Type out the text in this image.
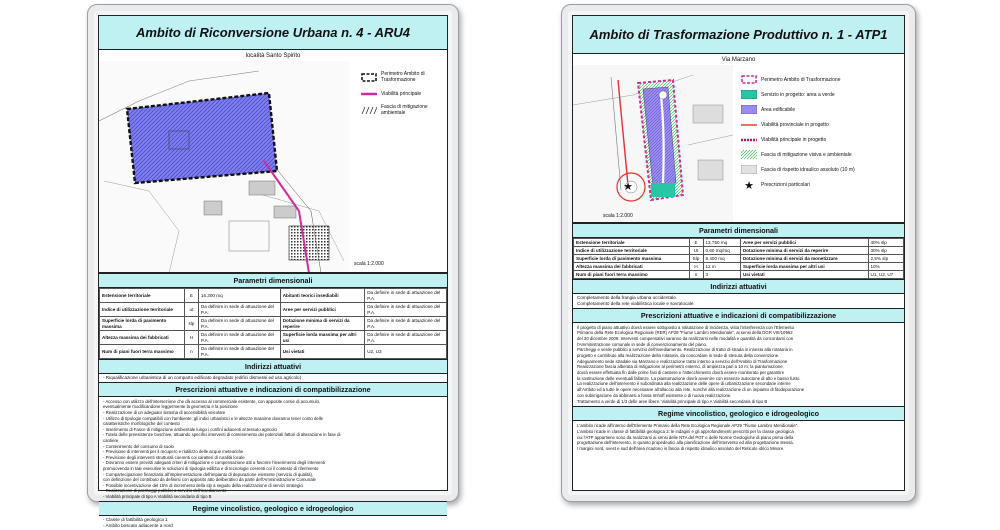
Ambito di Riconversione Urbana n. 4 - ARU4
località Santo Spirito
Perimetro Ambito di Trasformazione
Viabilità principale
Fascia di mitigazione ambientale
scala 1:2.000
Parametri dimensionali
Estensione territoriale	E	16.300 mq	Abitanti teorici insediabili	Da definire in sede di attuazione del P.A.
Indice di utilizzazione territoriale	ut	Da definire in sede di attuazione del P.A.	Aree per servizi pubblici	Da definire in sede di attuazione del P.A.
Superficie lorda di pavimento massima	slp	Da definire in sede di attuazione del P.A.	Dotazione minima di servizi da reperire	Da definire in sede di attuazione del P.A.
Altezza massima dei fabbricati	H	Da definire in sede di attuazione del P.A.	Superficie lorda massima per altri usi	Da definire in sede di attuazione del P.A.
Num di piani fuori terra massimo	n	Da definire in sede di attuazione del P.A.	Usi vietati	U2, U3
Indirizzi attuativi
- Riqualificazione urbanistica di un comparto edificato degradato (edifici dismessi ed uso agricolo)
Prescrizioni attuative e indicazioni di compatibilizzazione
- Accesso con utilizzo dell'intersezione che dà accesso al commerciale esistente, con apposite corsie di accumulo,
eventualmente modificandone leggermente la geometria e la posizione
- Realizzazione di un adeguato sistema di accessibilità veicolare
- Utilizzo di tipologie compatibili con l'ambiente; gli indici urbanistici e le altezze massime dovranno tener conto delle
caratteristiche morfologiche del contesto
- Inserimento di Fasce di mitigazione ambientale lungo i confini adiacenti al tessuto agricolo
- Tutela delle preesistenze boschive, attuando specifici interventi di contenimento dei potenziali fattori di alterazione in fase di
cantiere
- Contenimento del consumo di suolo
- Previsione di interventi per il recupero e riutilizzo delle acque meteoriche
- Previsione degli interventi strutturali coerenti coi caratteri di ruralità locale
- Dovranno essere previsti adeguati criteri di mitigazione e compensazione atti a favorire l'inserimento degli interventi
promuovendo in tale esecutive le soluzioni di tipologia edilizia e di tecnologie coerenti coi il contesto di riferimento
- Compartecipazione finanziaria all'implementazione dell'impianto di depurazione esistente (servizio di qualità),
con definizione del contributo da definirsi con apposito atto deliberativo da parte dell'Amministrazione Comunale
- Possibile incentivazione del 15% di incremento della slp a seguito della realizzazione di servizi strategici
- Realizzazione di parcheggi pubblici a servizio dell'insediamento
- Viabilità principale di tipo A Viabilità secondaria di tipo B
Regime vincolistico, geologico e idrogeologico
- Classe di fattibilità geologica 1
- Ambito boscato adiacente a nord
Ambito di Trasformazione Produttivo n. 1 - ATP1
Via Marzano
★
Perimetro Ambito di Trasformazione
Servizio in progetto: area a verde
Area edificabile
Viabilità provinciale in progetto
Viabilità principale in progetto
Fascia di mitigazione visiva e ambientale
Fascia di rispetto idraulico assoluto (10 m)
★ Prescrizioni particolari
scala 1:2.000
Parametri dimensionali
Estensione territoriale	E	13.750 mq	Aree per servizi pubblici	40% slp
Indice di utilizzazione territoriale	Ut	0,60 mq/mq	Dotazione minima di servizi da reperire	30% slp
Superficie lorda di pavimento massima	Slp	8.400 mq	Dotazione minima di servizi da monetizzare	2,5% slp
Altezza massima dei fabbricati	H	12 m	Superficie lorda massima per altri usi	10%
Num di piani fuori terra massimo	n	3	Usi vietati	U1, U2, U7
Indirizzi attuativi
Completamento della frangia urbana occidentale.
Completamento della rete viabilistica locale e sovralocale.
Prescrizioni attuative e indicazioni di compatibilizzazione
Il progetto di piano attuativo dovrà essere sottoposto a Valutazione di Incidenza, vista l'interferenza con l'Elemento
Primario della Rete Ecologica Regionale (RER) AP29 "Fiume Lambro Meridionale", ai sensi della DGR VIII/10962
del 30 dicembre 2009. Interventi compensativi saranno da realizzarsi nelle modalità e quantità da concordarsi con
l'Amministrazione comunale in sede di convenzionamento del piano.
Parcheggi e verde pubblici a servizio dell'insediamento. Realizzazione di tratto di strada in innesto alla rotatoria in
progetto e contributo alla realizzazione della rotatoria, da concordare in sede di stesura della convenzione.
Adeguamento sede stradale via Marzano e realizzazione tratto interno a servizio dell'Ambito di Trasformazione
Realizzazione fascia alberata di mitigazione al perimetro esterno, di ampiezza pari a 10 m; la piantumazione
dovrà essere effettuata fin dalle prime fasi di cantiere e l'attecchimento dovrà essere monitorato per garantire
la sostituzione delle eventuali fallanze. La piantumazione dovrà avvenire con essenze autoctone di alto e basso fusto.
La realizzazione dell'intervento è subordinata alla realizzazione delle opere di urbanizzazione secondarie interne
all'Ambito ed a tutte le opere necessarie all'allaccio alla rete, nonché alla realizzazione di un impianto di fitodepurazione
con subirrigazione da abbinarsi a fossa Imhoff esistente o di nuova realizzazione.
Trattamento a verde di 1/3 delle aree libere. Viabilità principale di tipo A Viabilità secondaria di tipo B
Regime vincolistico, geologico e idrogeologico
L'ambito ricade all'interno dell'Elemento Primario della Rete Ecologica Regionale AP29 "Fiume Lambro Meridionale".
L'ambito ricade in classe di fattibilità geologica 2: le indagini e gli approfondimenti prescritti per la classe geologica
cui l'ATP appartiene sono da realizzarsi ai sensi delle NTA del PGT e delle Norme Geologiche di piano prima della
progettazione dell'intervento, in quanto propedeutici alla pianificazione dell'intervento ed alla progettazione stessa.
I margini nord, ovest e sud dell'area ricadono in fascia di rispetto idraulico assoluto del Reticolo idrico Minore.
